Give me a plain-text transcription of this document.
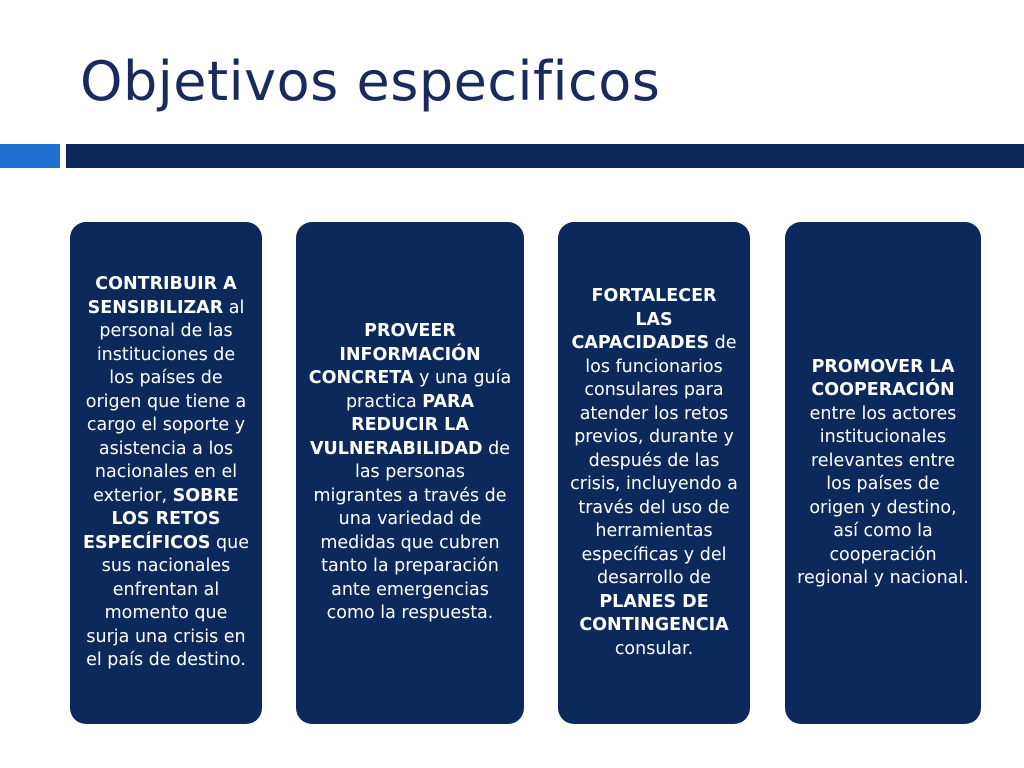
Objetivos especificos

CONTRIBUIR A SENSIBILIZAR al personal de las instituciones de los países de origen que tiene a cargo el soporte y asistencia a los nacionales en el exterior, SOBRE LOS RETOS ESPECÍFICOS que sus nacionales enfrentan al momento que surja una crisis en el país de destino.

PROVEER INFORMACIÓN CONCRETA y una guía practica PARA REDUCIR LA VULNERABILIDAD de las personas migrantes a través de una variedad de medidas que cubren tanto la preparación ante emergencias como la respuesta.

FORTALECER LAS CAPACIDADES de los funcionarios consulares para atender los retos previos, durante y después de las crisis, incluyendo a través del uso de herramientas específicas y del desarrollo de PLANES DE CONTINGENCIA consular.

PROMOVER LA COOPERACIÓN entre los actores institucionales relevantes entre los países de origen y destino, así como la cooperación regional y nacional.
